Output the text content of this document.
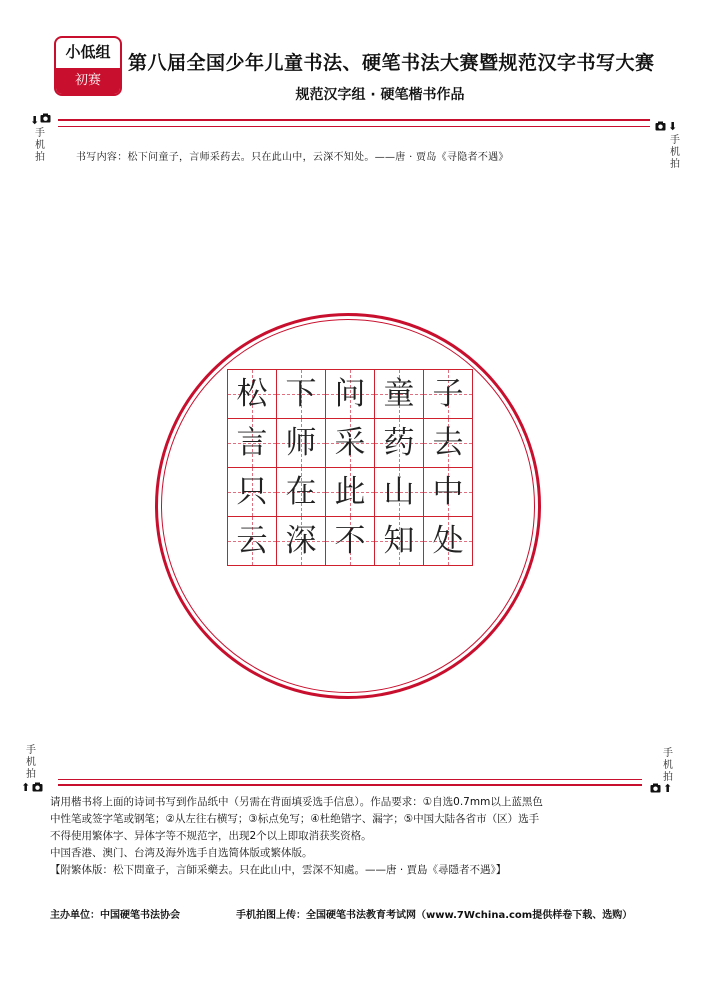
小低组
初赛
第八届全国少年儿童书法、硬笔书法大赛暨规范汉字书写大赛
规范汉字组 · 硬笔楷书作品
⬇
手机拍
⬇
手机拍
书写内容：松下问童子，言师采药去。只在此山中，云深不知处。——唐 · 贾岛《寻隐者不遇》
松 下 问 童 子
言 师 采 药 去
只 在 此 山 中
云 深 不 知 处
手机拍
⬆
手机拍
⬆

请用楷书将上面的诗词书写到作品纸中（另需在背面填妥选手信息）。作品要求：①自选0.7mm以上蓝黑色

中性笔或签字笔或钢笔；②从左往右横写；③标点免写；④杜绝错字、漏字；⑤中国大陆各省市（区）选手

不得使用繁体字、异体字等不规范字，出现2个以上即取消获奖资格。

中国香港、澳门、台湾及海外选手自选简体版或繁体版。

【附繁体版：松下問童子，言師采藥去。只在此山中，雲深不知處。——唐 · 賈島《尋隱者不遇》】

主办单位：中国硬笔书法协会	手机拍图上传：全国硬笔书法教育考试网（www.7Wchina.com提供样卷下载、选购）
